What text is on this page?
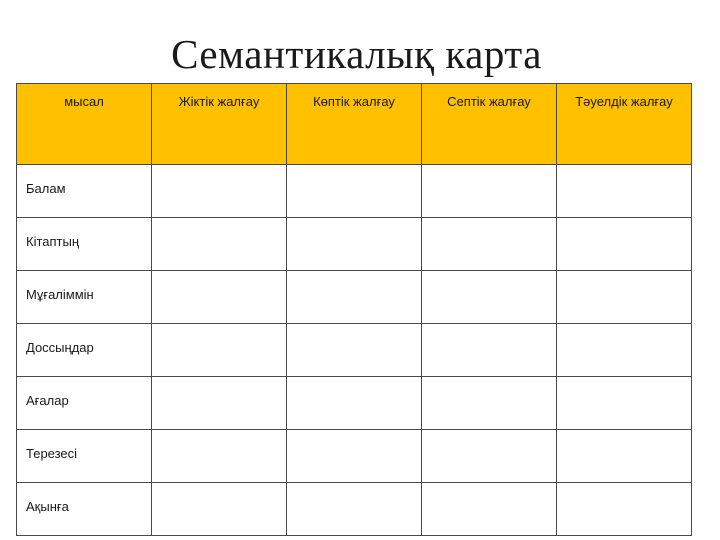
Семантикалық карта
мысал	Жіктік жалғау	Көптік жалғау	Септік жалғау	Тәуелдік жалғау
Балам				
Кітаптың				
Мұғаліммін				
Доссыңдар				
Ағалар				
Терезесі				
Ақынға				
